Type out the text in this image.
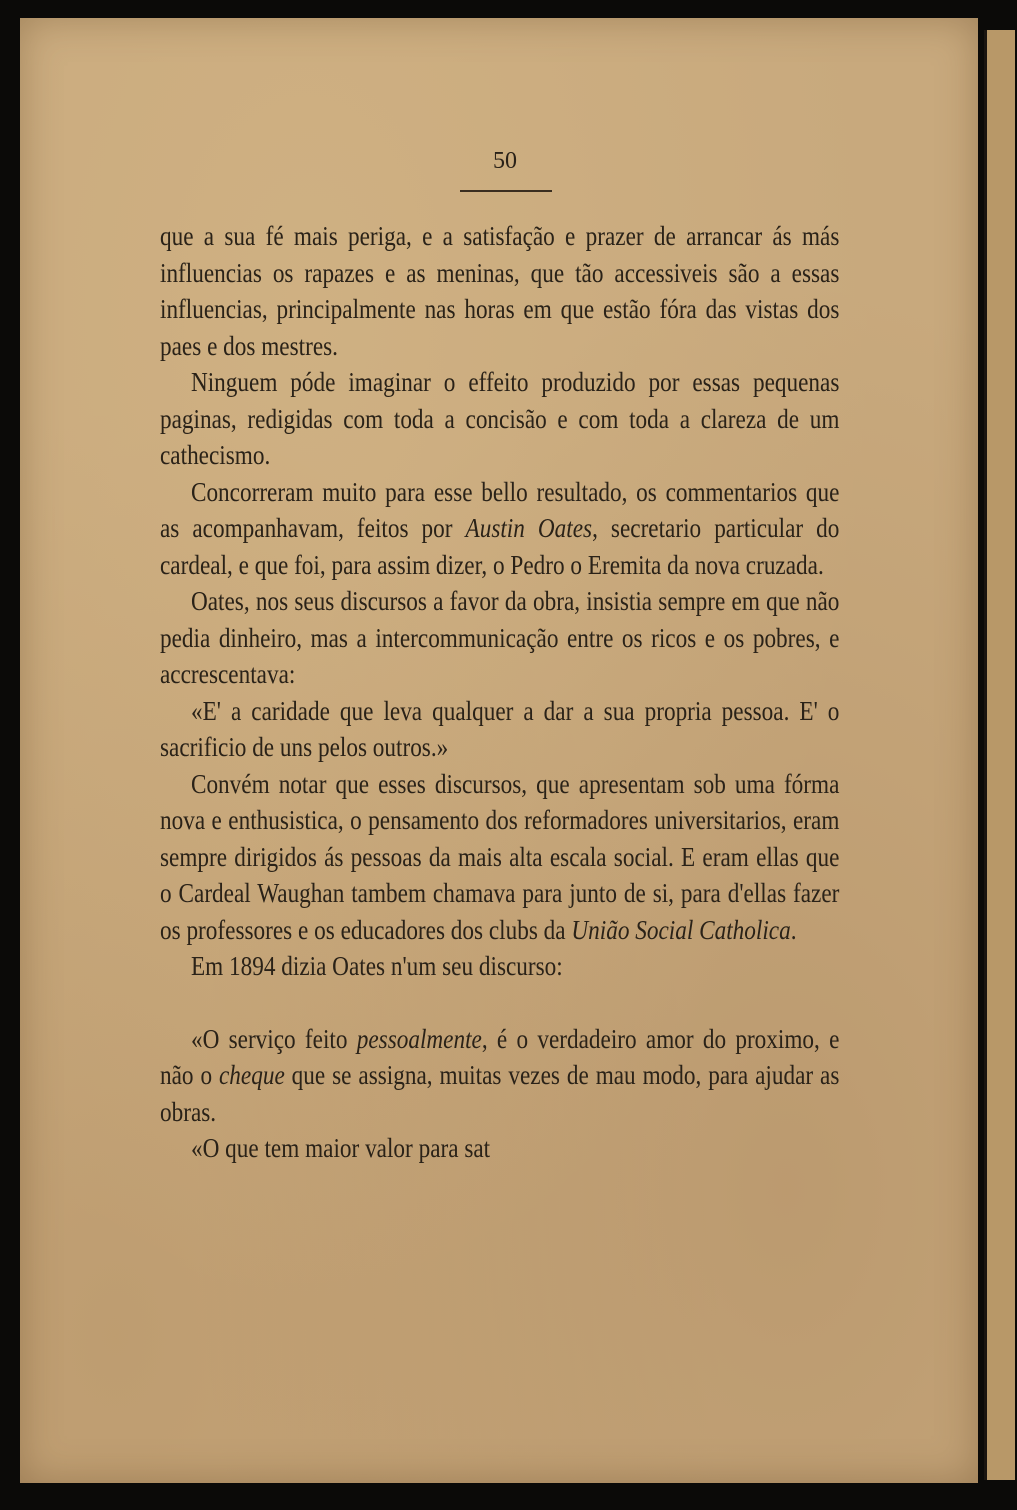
50

que a sua fé mais periga, e a satisfação e prazer de arrancar ás más influencias os rapazes e as meninas, que tão accessiveis são a essas influencias, principalmente nas horas em que estão fóra das vistas dos paes e dos mestres.

Ninguem póde imaginar o effeito produzido por essas pequenas paginas, redigidas com toda a concisão e com toda a clareza de um cathecismo.

Concorreram muito para esse bello resultado, os commentarios que as acompanhavam, feitos por Austin Oates, secretario particular do cardeal, e que foi, para assim dizer, o Pedro o Eremita da nova cruzada.

Oates, nos seus discursos a favor da obra, insistia sempre em que não pedia dinheiro, mas a intercommunicação entre os ricos e os pobres, e accrescentava:

«E' a caridade que leva qualquer a dar a sua propria pessoa. E' o sacrificio de uns pelos outros.»

Convém notar que esses discursos, que apresentam sob uma fórma nova e enthusistica, o pensamento dos reformadores universitarios, eram sempre dirigidos ás pessoas da mais alta escala social. E eram ellas que o Cardeal Waughan tambem chamava para junto de si, para d'ellas fazer os professores e os educadores dos clubs da União Social Catholica.

Em 1894 dizia Oates n'um seu discurso:

«O serviço feito pessoalmente, é o verdadeiro amor do proximo, e não o cheque que se assigna, muitas vezes de mau modo, para ajudar as obras.

«O que tem maior valor para sat
